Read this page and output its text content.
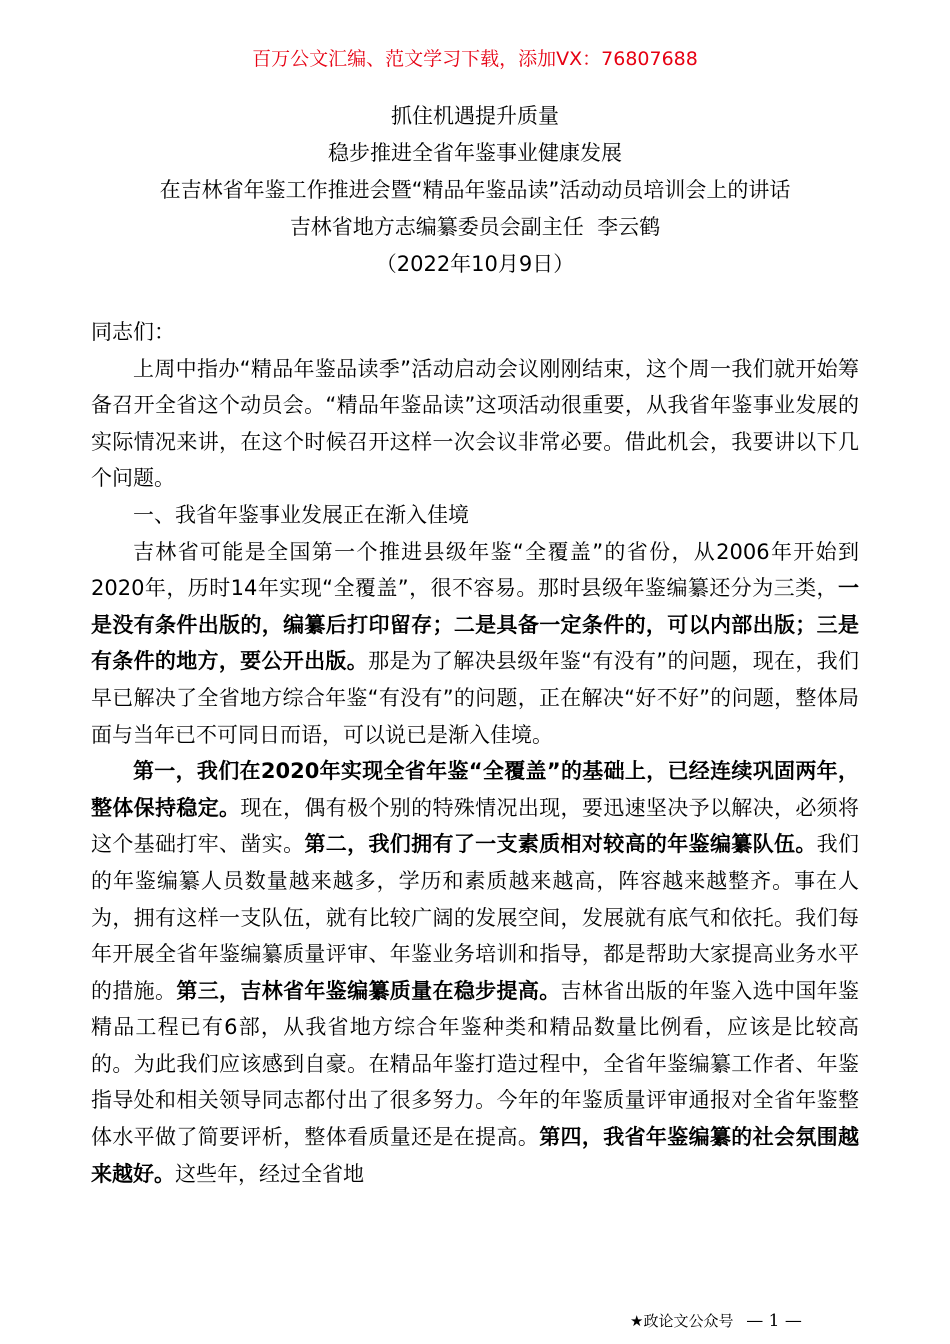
百万公文汇编、范文学习下载，添加VX：76807688
抓住机遇提升质量
稳步推进全省年鉴事业健康发展
在吉林省年鉴工作推进会暨“精品年鉴品读”活动动员培训会上的讲话
吉林省地方志编纂委员会副主任  李云鹤
（2022年10月9日）

同志们：

上周中指办“精品年鉴品读季”活动启动会议刚刚结束，这个周一我们就开始筹备召开全省这个动员会。“精品年鉴品读”这项活动很重要，从我省年鉴事业发展的实际情况来讲，在这个时候召开这样一次会议非常必要。借此机会，我要讲以下几个问题。

一、我省年鉴事业发展正在渐入佳境

吉林省可能是全国第一个推进县级年鉴“全覆盖”的省份，从2006年开始到2020年，历时14年实现“全覆盖”，很不容易。那时县级年鉴编纂还分为三类，一是没有条件出版的，编纂后打印留存；二是具备一定条件的，可以内部出版；三是有条件的地方，要公开出版。那是为了解决县级年鉴“有没有”的问题，现在，我们早已解决了全省地方综合年鉴“有没有”的问题，正在解决“好不好”的问题，整体局面与当年已不可同日而语，可以说已是渐入佳境。

第一，我们在2020年实现全省年鉴“全覆盖”的基础上，已经连续巩固两年，整体保持稳定。现在，偶有极个别的特殊情况出现，要迅速坚决予以解决，必须将这个基础打牢、凿实。第二，我们拥有了一支素质相对较高的年鉴编纂队伍。我们的年鉴编纂人员数量越来越多，学历和素质越来越高，阵容越来越整齐。事在人为，拥有这样一支队伍，就有比较广阔的发展空间，发展就有底气和依托。我们每年开展全省年鉴编纂质量评审、年鉴业务培训和指导，都是帮助大家提高业务水平的措施。第三，吉林省年鉴编纂质量在稳步提高。吉林省出版的年鉴入选中国年鉴精品工程已有6部，从我省地方综合年鉴种类和精品数量比例看，应该是比较高的。为此我们应该感到自豪。在精品年鉴打造过程中，全省年鉴编纂工作者、年鉴指导处和相关领导同志都付出了很多努力。今年的年鉴质量评审通报对全省年鉴整体水平做了简要评析，整体看质量还是在提高。第四，我省年鉴编纂的社会氛围越来越好。这些年，经过全省地

★政论文公众号 — 1 —
